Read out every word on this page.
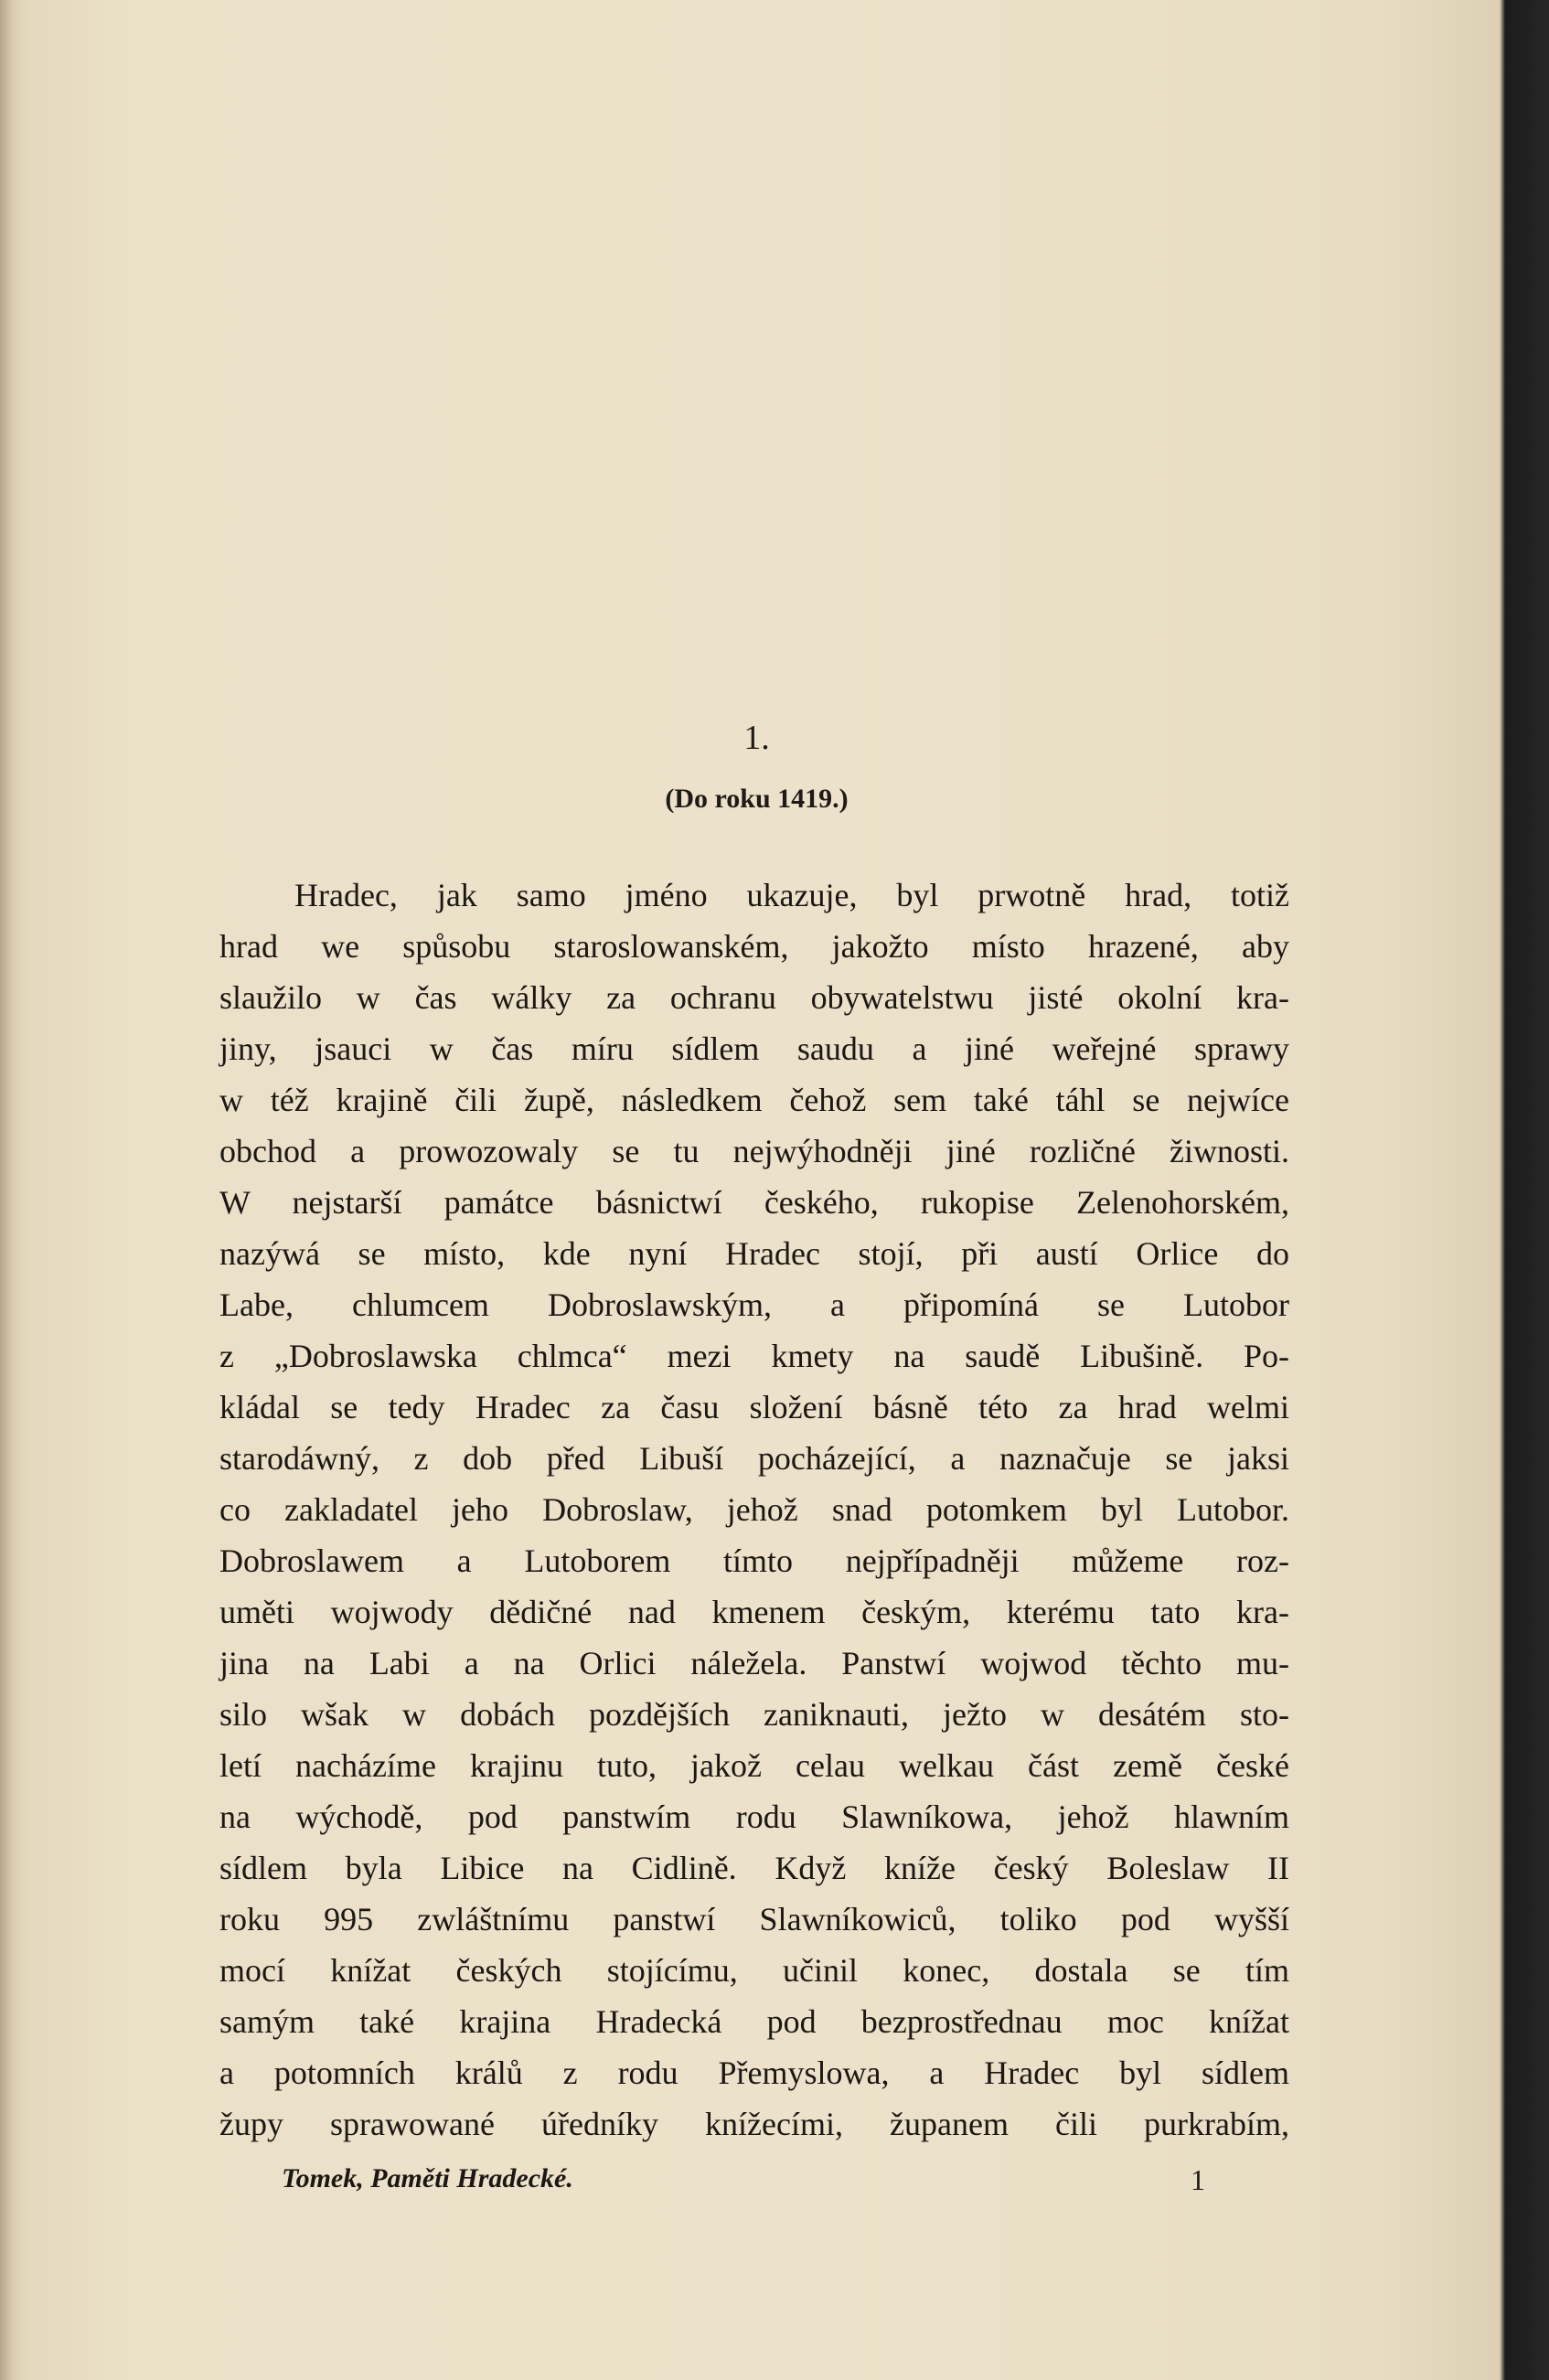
1.
(Do roku 1419.)
Hradec, jak samo jméno ukazuje, byl prwotně hrad, totiž
hrad we spůsobu staroslowanském, jakožto místo hrazené, aby
slaužilo w čas wálky za ochranu obywatelstwu jisté okolní kra-
jiny, jsauci w čas míru sídlem saudu a jiné weřejné sprawy
w též krajině čili župě, následkem čehož sem také táhl se nejwíce
obchod a prowozowaly se tu nejwýhodněji jiné rozličné žiwnosti.
W nejstarší památce básnictwí českého, rukopise Zelenohorském,
nazýwá se místo, kde nyní Hradec stojí, při austí Orlice do
Labe, chlumcem Dobroslawským, a připomíná se Lutobor
z „Dobroslawska chlmca“ mezi kmety na saudě Libušině. Po-
kládal se tedy Hradec za času složení básně této za hrad welmi
starodáwný, z dob před Libuší pocházející, a naznačuje se jaksi
co zakladatel jeho Dobroslaw, jehož snad potomkem byl Lutobor.
Dobroslawem a Lutoborem tímto nejpřípadněji můžeme roz-
uměti wojwody dědičné nad kmenem českým, kterému tato kra-
jina na Labi a na Orlici náležela. Panstwí wojwod těchto mu-
silo wšak w dobách pozdějších zaniknauti, ježto w desátém sto-
letí nacházíme krajinu tuto, jakož celau welkau část země české
na wýchodě, pod panstwím rodu Slawníkowa, jehož hlawním
sídlem byla Libice na Cidlině. Když kníže český Boleslaw II
roku 995 zwláštnímu panstwí Slawníkowiců, toliko pod wyšší
mocí knížat českých stojícímu, učinil konec, dostala se tím
samým také krajina Hradecká pod bezprostřednau moc knížat
a potomních králů z rodu Přemyslowa, a Hradec byl sídlem
župy sprawowané úředníky knížecími, županem čili purkrabím,
Tomek, Paměti Hradecké.	1
